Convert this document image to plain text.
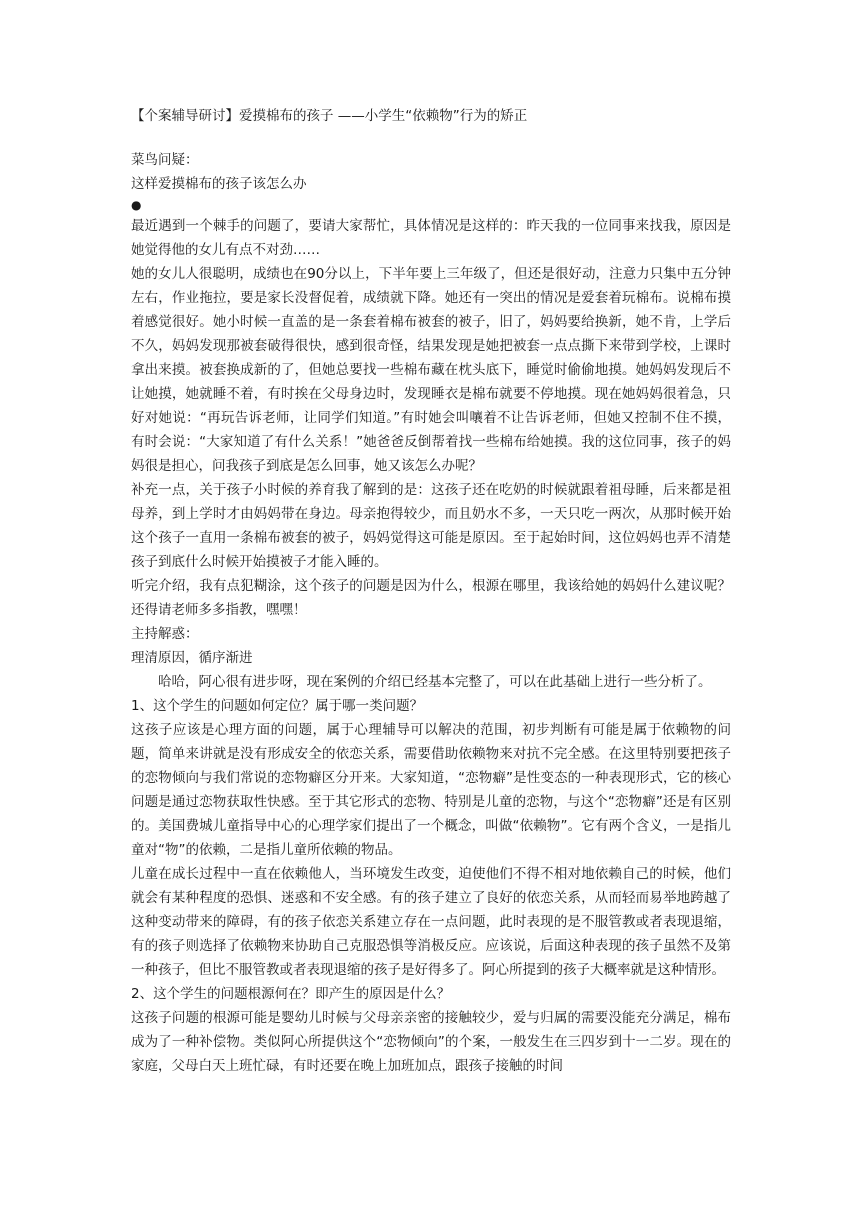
【个案辅导研讨】爱摸棉布的孩子 ——小学生“依赖物”行为的矫正

菜鸟问疑：

这样爱摸棉布的孩子该怎么办

●

最近遇到一个棘手的问题了，要请大家帮忙，具体情况是这样的：昨天我的一位同事来找我，原因是她觉得他的女儿有点不对劲……

她的女儿人很聪明，成绩也在90分以上，下半年要上三年级了，但还是很好动，注意力只集中五分钟左右，作业拖拉，要是家长没督促着，成绩就下降。她还有一突出的情况是爱套着玩棉布。说棉布摸着感觉很好。她小时候一直盖的是一条套着棉布被套的被子，旧了，妈妈要给换新，她不肯，上学后不久，妈妈发现那被套破得很快，感到很奇怪，结果发现是她把被套一点点撕下来带到学校，上课时拿出来摸。被套换成新的了，但她总要找一些棉布藏在枕头底下，睡觉时偷偷地摸。她妈妈发现后不让她摸，她就睡不着，有时挨在父母身边时，发现睡衣是棉布就要不停地摸。现在她妈妈很着急，只好对她说：“再玩告诉老师，让同学们知道。”有时她会叫嚷着不让告诉老师，但她又控制不住不摸，有时会说：“大家知道了有什么关系！”她爸爸反倒帮着找一些棉布给她摸。我的这位同事，孩子的妈妈很是担心，问我孩子到底是怎么回事，她又该怎么办呢？

补充一点，关于孩子小时候的养育我了解到的是：这孩子还在吃奶的时候就跟着祖母睡，后来都是祖母养，到上学时才由妈妈带在身边。母亲抱得较少，而且奶水不多，一天只吃一两次，从那时候开始这个孩子一直用一条棉布被套的被子，妈妈觉得这可能是原因。至于起始时间，这位妈妈也弄不清楚孩子到底什么时候开始摸被子才能入睡的。

听完介绍，我有点犯糊涂，这个孩子的问题是因为什么，根源在哪里，我该给她的妈妈什么建议呢？还得请老师多多指教，嘿嘿！

主持解惑：

理清原因，循序渐进

哈哈，阿心很有进步呀，现在案例的介绍已经基本完整了，可以在此基础上进行一些分析了。

1、这个学生的问题如何定位？属于哪一类问题？

这孩子应该是心理方面的问题，属于心理辅导可以解决的范围，初步判断有可能是属于依赖物的问题，简单来讲就是没有形成安全的依恋关系，需要借助依赖物来对抗不完全感。在这里特别要把孩子的恋物倾向与我们常说的恋物癖区分开来。大家知道，“恋物癖”是性变态的一种表现形式，它的核心问题是通过恋物获取性快感。至于其它形式的恋物、特别是儿童的恋物，与这个“恋物癖”还是有区别的。美国费城儿童指导中心的心理学家们提出了一个概念，叫做“依赖物”。它有两个含义，一是指儿童对“物”的依赖，二是指儿童所依赖的物品。

儿童在成长过程中一直在依赖他人，当环境发生改变，迫使他们不得不相对地依赖自己的时候，他们就会有某种程度的恐惧、迷惑和不安全感。有的孩子建立了良好的依恋关系，从而轻而易举地跨越了这种变动带来的障碍，有的孩子依恋关系建立存在一点问题，此时表现的是不服管教或者表现退缩，有的孩子则选择了依赖物来协助自己克服恐惧等消极反应。应该说，后面这种表现的孩子虽然不及第一种孩子，但比不服管教或者表现退缩的孩子是好得多了。阿心所提到的孩子大概率就是这种情形。

2、这个学生的问题根源何在？即产生的原因是什么？

这孩子问题的根源可能是婴幼儿时候与父母亲亲密的接触较少，爱与归属的需要没能充分满足，棉布成为了一种补偿物。类似阿心所提供这个“恋物倾向”的个案，一般发生在三四岁到十一二岁。现在的家庭，父母白天上班忙碌，有时还要在晚上加班加点，跟孩子接触的时间
